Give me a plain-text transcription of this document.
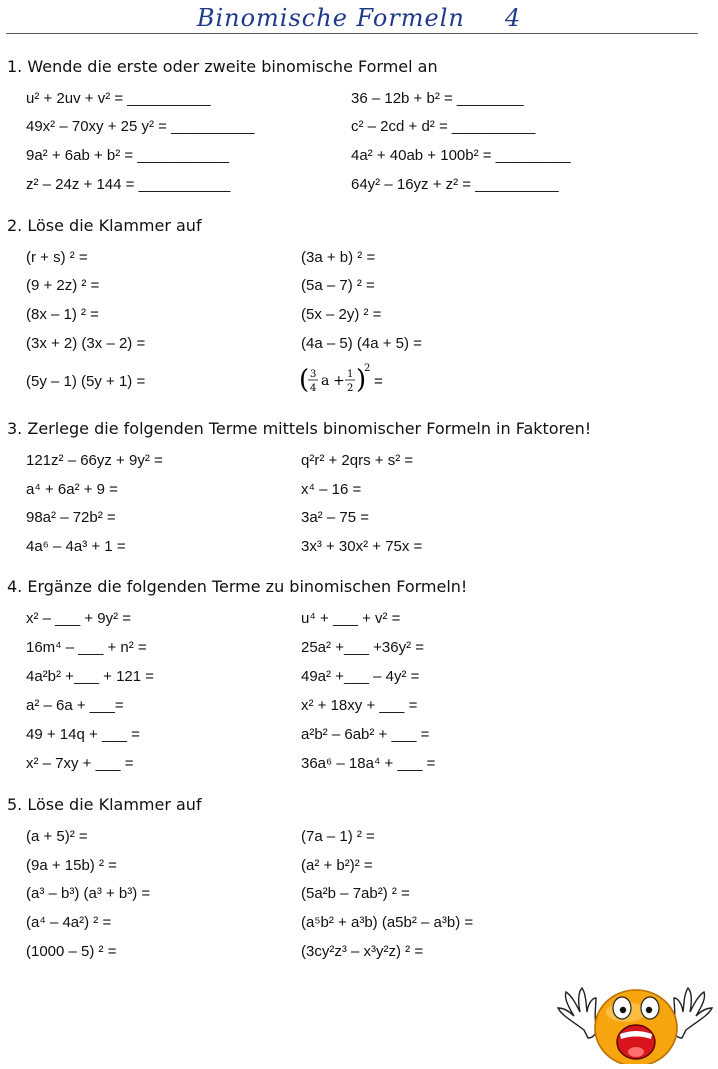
Binomische Formeln 4
1. Wende die erste oder zweite binomische Formel an
u² + 2uv + v² = __________
49x² – 70xy + 25 y² = __________
9a² + 6ab + b² = ___________
z² – 24z + 144 = ___________
36 – 12b + b² = ________
c² – 2cd + d² = __________
4a² + 40ab + 100b² = _________
64y² – 16yz + z² = __________
2. Löse die Klammer auf
(r + s) ² =
(9 + 2z) ² =
(8x – 1) ² =
(3x + 2) (3x – 2) =
(5y – 1) (5y + 1) =
(3a + b) ² =
(5a – 7) ² =
(5x – 2y) ² =
(4a – 5) (4a + 5) =
( 3
4 a + 1
2 )
2
=
3. Zerlege die folgenden Terme mittels binomischer Formeln in Faktoren!
121z² – 66yz + 9y² =
a⁴ + 6a² + 9 =
98a² – 72b² =
4a⁶ – 4a³ + 1 =
q²r² + 2qrs + s² =
x⁴ – 16 =
3a² – 75 =
3x³ + 30x² + 75x =
4. Ergänze die folgenden Terme zu binomischen Formeln!
x² – ___ + 9y² =
16m⁴ – ___ + n² =
4a²b² +___ + 121 =
a² – 6a + ___=
49 + 14q + ___ =
x² – 7xy + ___ =
u⁴ + ___ + v² =
25a² +___ +36y² =
49a² +___ – 4y² =
x² + 18xy + ___ =
a²b² – 6ab² + ___ =
36a⁶ – 18a⁴ + ___ =
5. Löse die Klammer auf
(a + 5)² =
(9a + 15b) ² =
(a³ – b³) (a³ + b³) =
(a⁴ – 4a²) ² =
(1000 – 5) ² =
(7a – 1) ² =
(a² + b²)² =
(5a²b – 7ab²) ² =
(a⁵b² + a³b) (a5b² – a³b) =
(3cy²z³ – x³y²z) ² =
